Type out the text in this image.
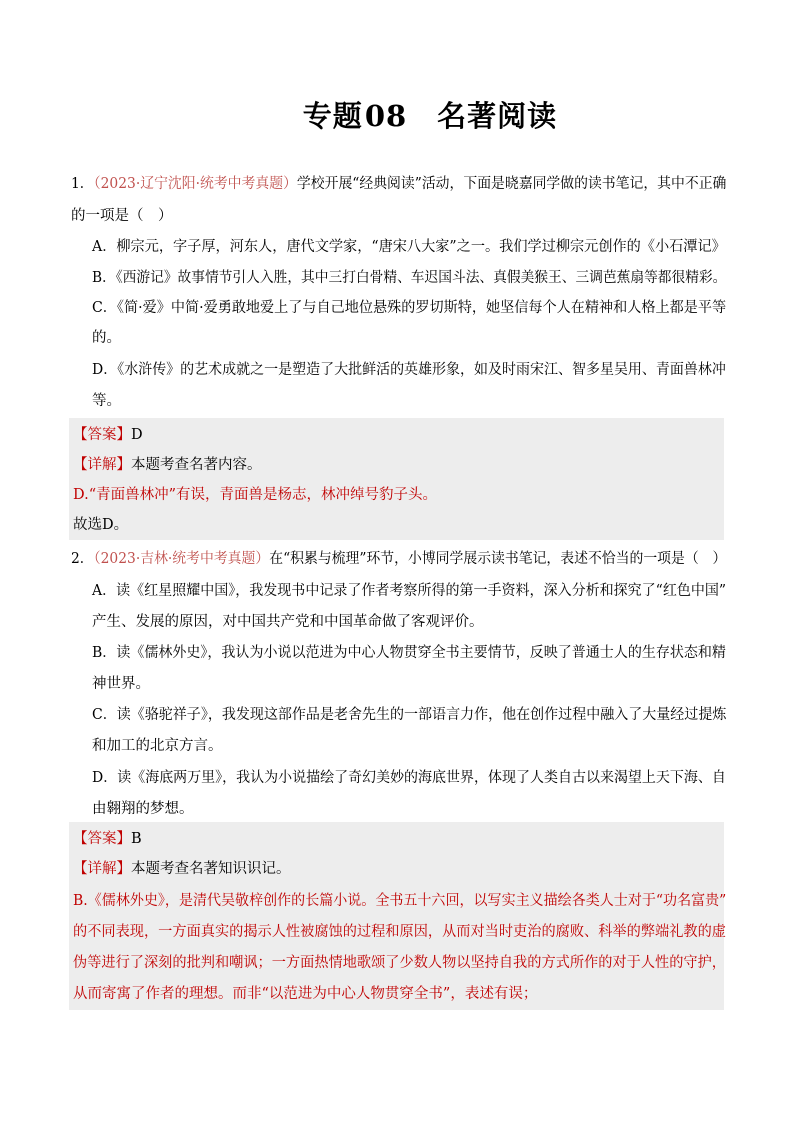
专题08 名著阅读
1．（2023·辽宁沈阳·统考中考真题）学校开展“经典阅读”活动，下面是晓嘉同学做的读书笔记，其中不正确
的一项是（　）
A．柳宗元，字子厚，河东人，唐代文学家，“唐宋八大家”之一。我们学过柳宗元创作的《小石潭记》
B．《西游记》故事情节引人入胜，其中三打白骨精、车迟国斗法、真假美猴王、三调芭蕉扇等都很精彩。
C．《简·爱》中简·爱勇敢地爱上了与自己地位悬殊的罗切斯特，她坚信每个人在精神和人格上都是平等
的。
D．《水浒传》的艺术成就之一是塑造了大批鲜活的英雄形象，如及时雨宋江、智多星吴用、青面兽林冲
等。
【答案】D
【详解】本题考查名著内容。
D.“青面兽林冲”有误，青面兽是杨志，林冲绰号豹子头。
故选D。
2．（2023·吉林·统考中考真题）在“积累与梳理”环节，小博同学展示读书笔记，表述不恰当的一项是（　）
A．读《红星照耀中国》，我发现书中记录了作者考察所得的第一手资料，深入分析和探究了“红色中国”
产生、发展的原因，对中国共产党和中国革命做了客观评价。
B．读《儒林外史》，我认为小说以范进为中心人物贯穿全书主要情节，反映了普通士人的生存状态和精
神世界。
C．读《骆驼祥子》，我发现这部作品是老舍先生的一部语言力作，他在创作过程中融入了大量经过提炼
和加工的北京方言。
D．读《海底两万里》，我认为小说描绘了奇幻美妙的海底世界，体现了人类自古以来渴望上天下海、自
由翱翔的梦想。
【答案】B
【详解】本题考查名著知识识记。
B.《儒林外史》，是清代吴敬梓创作的长篇小说。全书五十六回，以写实主义描绘各类人士对于“功名富贵”
的不同表现，一方面真实的揭示人性被腐蚀的过程和原因，从而对当时吏治的腐败、科举的弊端礼教的虚
伪等进行了深刻的批判和嘲讽；一方面热情地歌颂了少数人物以坚持自我的方式所作的对于人性的守护，
从而寄寓了作者的理想。而非“以范进为中心人物贯穿全书”，表述有误；
